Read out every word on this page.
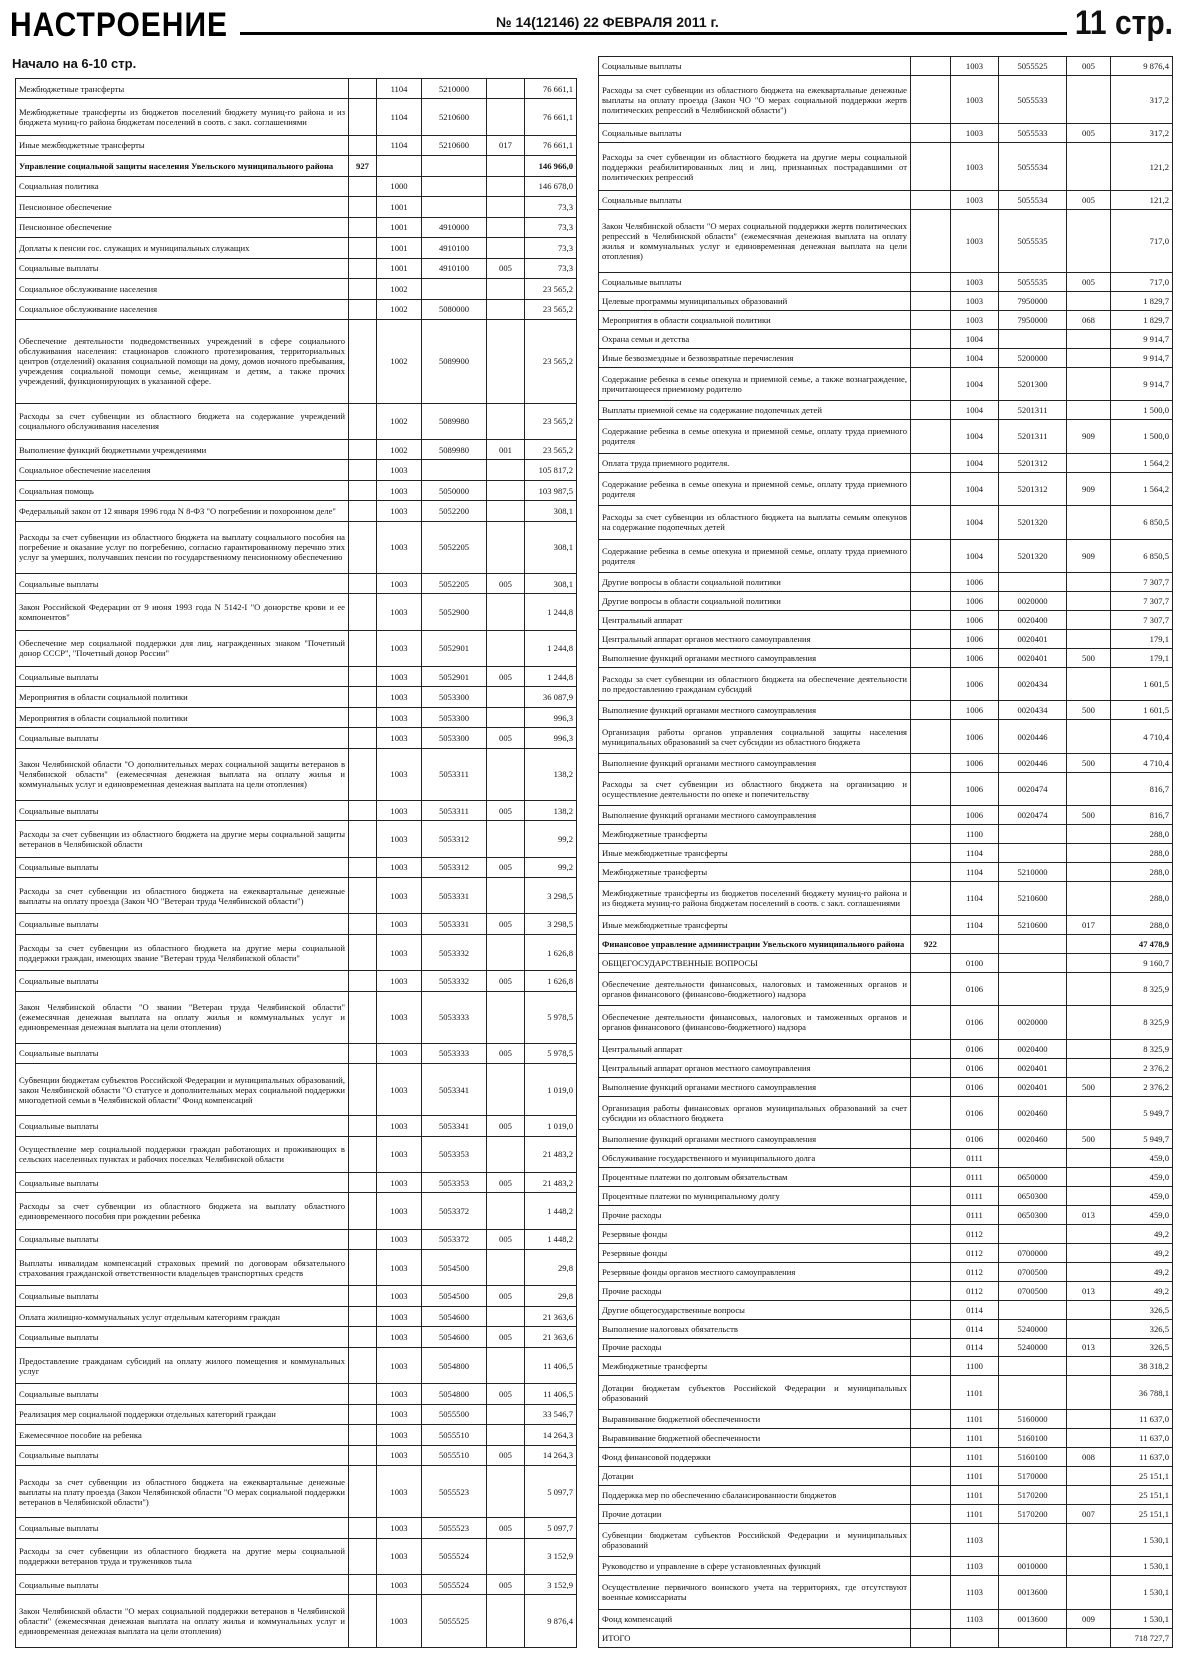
НАСТРОЕНИЕ	№ 14(12146) 22 ФЕВРАЛЯ 2011 г.	11 стр.
Начало на 6-10 стр.
Межбюджетные трансферты		1104	5210000		76 661,1
Межбюджетные трансферты из бюджетов поселений бюджету муниц-го района и из бюджета муниц-го района бюджетам поселений в соотв. с закл. соглашениями		1104	5210600		76 661,1
Иные межбюджетные трансферты		1104	5210600	017	76 661,1
Управление социальной защиты населения Увельского муниципального района	927				146 966,0
Социальная политика		1000			146 678,0
Пенсионное обеспечение		1001			73,3
Пенсионное обеспечение		1001	4910000		73,3
Доплаты к пенсии гос. служащих и муниципальных служащих		1001	4910100		73,3
Социальные выплаты		1001	4910100	005	73,3
Социальное обслуживание населения		1002			23 565,2
Социальное обслуживание населения		1002	5080000		23 565,2
Обеспечение деятельности подведомственных учреждений в сфере социального обслуживания населения: стационаров сложного протезирования, территориальных центров (отделений) оказания социальной помощи на дому, домов ночного пребывания, учреждения социальной помощи семье, женщинам и детям, а также прочих учреждений, функционирующих в указанной сфере.		1002	5089900		23 565,2
Расходы за счет субвенции из областного бюджета на содержание учреждений социального обслуживания населения		1002	5089980		23 565,2
Выполнение функций бюджетными учреждениями		1002	5089980	001	23 565,2
Социальное обеспечение населения		1003			105 817,2
Социальная помощь		1003	5050000		103 987,5
Федеральный закон от 12 января 1996 года N 8-ФЗ "О погребении и похоронном деле"		1003	5052200		308,1
Расходы за счет субвенции из областного бюджета на выплату социального пособия на погребение и оказание услуг по погребению, согласно гарантированному перечню этих услуг за умерших, получавших пенсии по государственному пенсионному обеспечению		1003	5052205		308,1
Социальные выплаты		1003	5052205	005	308,1
Закон Российской Федерации от 9 июня 1993 года N 5142-I "О донорстве крови и ее компонентов"		1003	5052900		1 244,8
Обеспечение мер социальной поддержки для лиц, награжденных знаком "Почетный донор СССР", "Почетный донор России"		1003	5052901		1 244,8
Социальные выплаты		1003	5052901	005	1 244,8
Мероприятия в области социальной политики		1003	5053300		36 087,9
Мероприятия в области социальной политики		1003	5053300		996,3
Социальные выплаты		1003	5053300	005	996,3
Закон Челябинской области "О дополнительных мерах социальной защиты ветеранов в Челябинской области" (ежемесячная денежная выплата на оплату жилья и коммунальных услуг и единовременная денежная выплата на цели отопления)		1003	5053311		138,2
Социальные выплаты		1003	5053311	005	138,2
Расходы за счет субвенции из областного бюджета на другие меры социальной защиты ветеранов в Челябинской области		1003	5053312		99,2
Социальные выплаты		1003	5053312	005	99,2
Расходы за счет субвенции из областного бюджета на ежеквартальные денежные выплаты на оплату проезда (Закон ЧО "Ветеран труда Челябинской области")		1003	5053331		3 298,5
Социальные выплаты		1003	5053331	005	3 298,5
Расходы за счет субвенции из областного бюджета на другие меры социальной поддержки граждан, имеющих звание "Ветеран труда Челябинской области"		1003	5053332		1 626,8
Социальные выплаты		1003	5053332	005	1 626,8
Закон Челябинской области "О звании "Ветеран труда Челябинской области" (ежемесячная денежная выплата на оплату жилья и коммунальных услуг и единовременная денежная выплата на цели отопления)		1003	5053333		5 978,5
Социальные выплаты		1003	5053333	005	5 978,5
Субвенции бюджетам субъектов Российской Федерации и муниципальных образований, закон Челябинской области "О статусе и дополнительных мерах социальной поддержки многодетной семьи в Челябинской области" Фонд компенсаций		1003	5053341		1 019,0
Социальные выплаты		1003	5053341	005	1 019,0
Осуществление мер социальной поддержки граждан работающих и проживающих в сельских населенных пунктах и рабочих поселках Челябинской области		1003	5053353		21 483,2
Социальные выплаты		1003	5053353	005	21 483,2
Расходы за счет субвенции из областного бюджета на выплату областного единовременного пособия при рождении ребенка		1003	5053372		1 448,2
Социальные выплаты		1003	5053372	005	1 448,2
Выплаты инвалидам компенсаций страховых премий по договорам обязательного страхования гражданской ответственности владельцев транспортных средств		1003	5054500		29,8
Социальные выплаты		1003	5054500	005	29,8
Оплата жилищно-коммунальных услуг отдельным категориям граждан		1003	5054600		21 363,6
Социальные выплаты		1003	5054600	005	21 363,6
Предоставление гражданам субсидий на оплату жилого помещения и коммунальных услуг		1003	5054800		11 406,5
Социальные выплаты		1003	5054800	005	11 406,5
Реализация мер социальной поддержки отдельных категорий граждан		1003	5055500		33 546,7
Ежемесячное пособие на ребенка		1003	5055510		14 264,3
Социальные выплаты		1003	5055510	005	14 264,3
Расходы за счет субвенции из областного бюджета на ежеквартальные денежные выплаты на плату проезда (Закон Челябинской области "О мерах социальной поддержки ветеранов в Челябинской области")		1003	5055523		5 097,7
Социальные выплаты		1003	5055523	005	5 097,7
Расходы за счет субвенции из областного бюджета на другие меры социальной поддержки ветеранов труда и тружеников тыла		1003	5055524		3 152,9
Социальные выплаты		1003	5055524	005	3 152,9
Закон Челябинской области "О мерах социальной поддержки ветеранов в Челябинской области" (ежемесячная денежная выплата на оплату жилья и коммунальных услуг и единовременная денежная выплата на цели отопления)		1003	5055525		9 876,4
Социальные выплаты		1003	5055525	005	9 876,4
Расходы за счет субвенции из областного бюджета на ежеквартальные денежные выплаты на оплату проезда (Закон ЧО "О мерах социальной поддержки жертв политических репрессий в Челябинской области")		1003	5055533		317,2
Социальные выплаты		1003	5055533	005	317,2
Расходы за счет субвенции из областного бюджета на другие меры социальной поддержки реабилитированных лиц и лиц, признанных пострадавшими от политических репрессий		1003	5055534		121,2
Социальные выплаты		1003	5055534	005	121,2
Закон Челябинской области "О мерах социальной поддержки жертв политических репрессий в Челябинской области" (ежемесячная денежная выплата на оплату жилья и коммунальных услуг и единовременная денежная выплата на цели отопления)		1003	5055535		717,0
Социальные выплаты		1003	5055535	005	717,0
Целевые программы муниципальных образований		1003	7950000		1 829,7
Мероприятия в области социальной политики		1003	7950000	068	1 829,7
Охрана семьи и детства		1004			9 914,7
Иные безвозмездные и безвозвратные перечисления		1004	5200000		9 914,7
Содержание ребенка в семье опекуна и приемной семье, а также вознаграждение, причитающееся приемному родителю		1004	5201300		9 914,7
Выплаты приемной семье на содержание подопечных детей		1004	5201311		1 500,0
Содержание ребенка в семье опекуна и приемной семье, оплату труда приемного родителя		1004	5201311	909	1 500,0
Оплата труда приемного родителя.		1004	5201312		1 564,2
Содержание ребенка в семье опекуна и приемной семье, оплату труда приемного родителя		1004	5201312	909	1 564,2
Расходы за счет субвенции из областного бюджета на выплаты семьям опекунов на содержание подопечных детей		1004	5201320		6 850,5
Содержание ребенка в семье опекуна и приемной семье, оплату труда приемного родителя		1004	5201320	909	6 850,5
Другие вопросы в области социальной политики		1006			7 307,7
Другие вопросы в области социальной политики		1006	0020000		7 307,7
Центральный аппарат		1006	0020400		7 307,7
Центральный аппарат органов местного самоуправления		1006	0020401		179,1
Выполнение функций органами местного самоуправления		1006	0020401	500	179,1
Расходы за счет субвенции из областного бюджета на обеспечение деятельности по предоставлению гражданам субсидий		1006	0020434		1 601,5
Выполнение функций органами местного самоуправления		1006	0020434	500	1 601,5
Организация работы органов управления социальной защиты населения муниципальных образований за счет субсидии из областного бюджета		1006	0020446		4 710,4
Выполнение функций органами местного самоуправления		1006	0020446	500	4 710,4
Расходы за счет субвенции из областного бюджета на организацию и осуществление деятельности по опеке и попечительству		1006	0020474		816,7
Выполнение функций органами местного самоуправления		1006	0020474	500	816,7
Межбюджетные трансферты		1100			288,0
Иные межбюджетные трансферты		1104			288,0
Межбюджетные трансферты		1104	5210000		288,0
Межбюджетные трансферты из бюджетов поселений бюджету муниц-го района и из бюджета муниц-го района бюджетам поселений в соотв. с закл. соглашениями		1104	5210600		288,0
Иные межбюджетные трансферты		1104	5210600	017	288,0
Финансовое управление администрации Увельского муниципального района	922				47 478,9
ОБЩЕГОСУДАРСТВЕННЫЕ ВОПРОСЫ		0100			9 160,7
Обеспечение деятельности финансовых, налоговых и таможенных органов и органов финансового (финансово-бюджетного) надзора		0106			8 325,9
Обеспечение деятельности финансовых, налоговых и таможенных органов и органов финансового (финансово-бюджетного) надзора		0106	0020000		8 325,9
Центральный аппарат		0106	0020400		8 325,9
Центральный аппарат органов местного самоуправления		0106	0020401		2 376,2
Выполнение функций органами местного самоуправления		0106	0020401	500	2 376,2
Организация работы финансовых органов муниципальных образований за счет субсидии из областного бюджета		0106	0020460		5 949,7
Выполнение функций органами местного самоуправления		0106	0020460	500	5 949,7
Обслуживание государственного и муниципального долга		0111			459,0
Процентные платежи по долговым обязательствам		0111	0650000		459,0
Процентные платежи по муниципальному долгу		0111	0650300		459,0
Прочие расходы		0111	0650300	013	459,0
Резервные фонды		0112			49,2
Резервные фонды		0112	0700000		49,2
Резервные фонды органов местного самоуправления		0112	0700500		49,2
Прочие расходы		0112	0700500	013	49,2
Другие общегосударственные вопросы		0114			326,5
Выполнение налоговых обязательств		0114	5240000		326,5
Прочие расходы		0114	5240000	013	326,5
Межбюджетные трансферты		1100			38 318,2
Дотации бюджетам субъектов Российской Федерации и муниципальных образований		1101			36 788,1
Выравнивание бюджетной обеспеченности		1101	5160000		11 637,0
Выравнивание бюджетной обеспеченности		1101	5160100		11 637,0
Фонд финансовой поддержки		1101	5160100	008	11 637,0
Дотации		1101	5170000		25 151,1
Поддержка мер по обеспечению сбалансированности бюджетов		1101	5170200		25 151,1
Прочие дотации		1101	5170200	007	25 151,1
Субвенции бюджетам субъектов Российской Федерации и муниципальных образований		1103			1 530,1
Руководство и управление в сфере установленных функций		1103	0010000		1 530,1
Осуществление первичного воинского учета на территориях, где отсутствуют военные комиссариаты		1103	0013600		1 530,1
Фонд компенсаций		1103	0013600	009	1 530,1
ИТОГО					718 727,7
